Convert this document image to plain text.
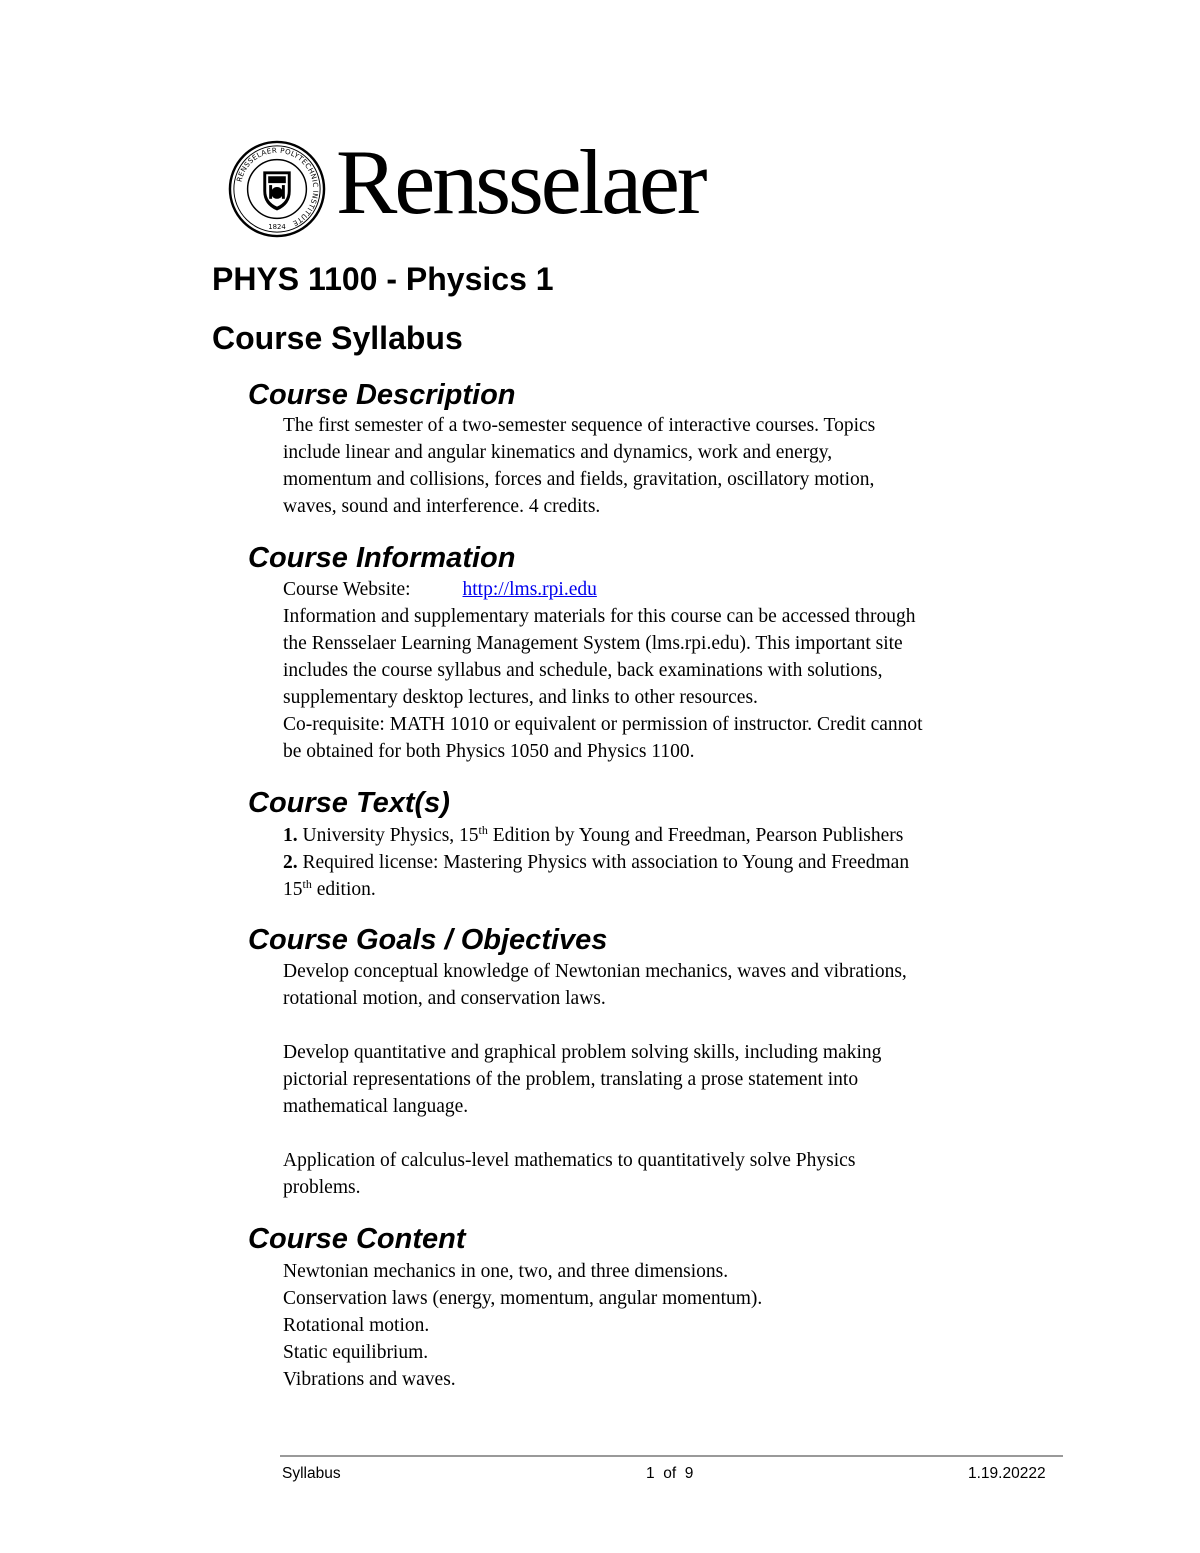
RENSSELAER POLYTECHNIC INSTITUTE
1824 Rensselaer
PHYS 1100 - Physics 1
Course Syllabus
Course Description
The first semester of a two-semester sequence of interactive courses. Topics
include linear and angular kinematics and dynamics, work and energy,
momentum and collisions, forces and fields, gravitation, oscillatory motion,
waves, sound and interference. 4 credits.
Course Information
Course Website:	http://lms.rpi.edu
Information and supplementary materials for this course can be accessed through
the Rensselaer Learning Management System (lms.rpi.edu). This important site
includes the course syllabus and schedule, back examinations with solutions,
supplementary desktop lectures, and links to other resources.
Co-requisite: MATH 1010 or equivalent or permission of instructor. Credit cannot
be obtained for both Physics 1050 and Physics 1100.
Course Text(s)
1. University Physics, 15th Edition by Young and Freedman, Pearson Publishers
2. Required license: Mastering Physics with association to Young and Freedman
15th edition.
Course Goals / Objectives
Develop conceptual knowledge of Newtonian mechanics, waves and vibrations,
rotational motion, and conservation laws.
Develop quantitative and graphical problem solving skills, including making
pictorial representations of the problem, translating a prose statement into
mathematical language.
Application of calculus-level mathematics to quantitatively solve Physics
problems.
Course Content
Newtonian mechanics in one, two, and three dimensions.
Conservation laws (energy, momentum, angular momentum).
Rotational motion.
Static equilibrium.
Vibrations and waves.
Syllabus	1  of  9	1.19.20222
